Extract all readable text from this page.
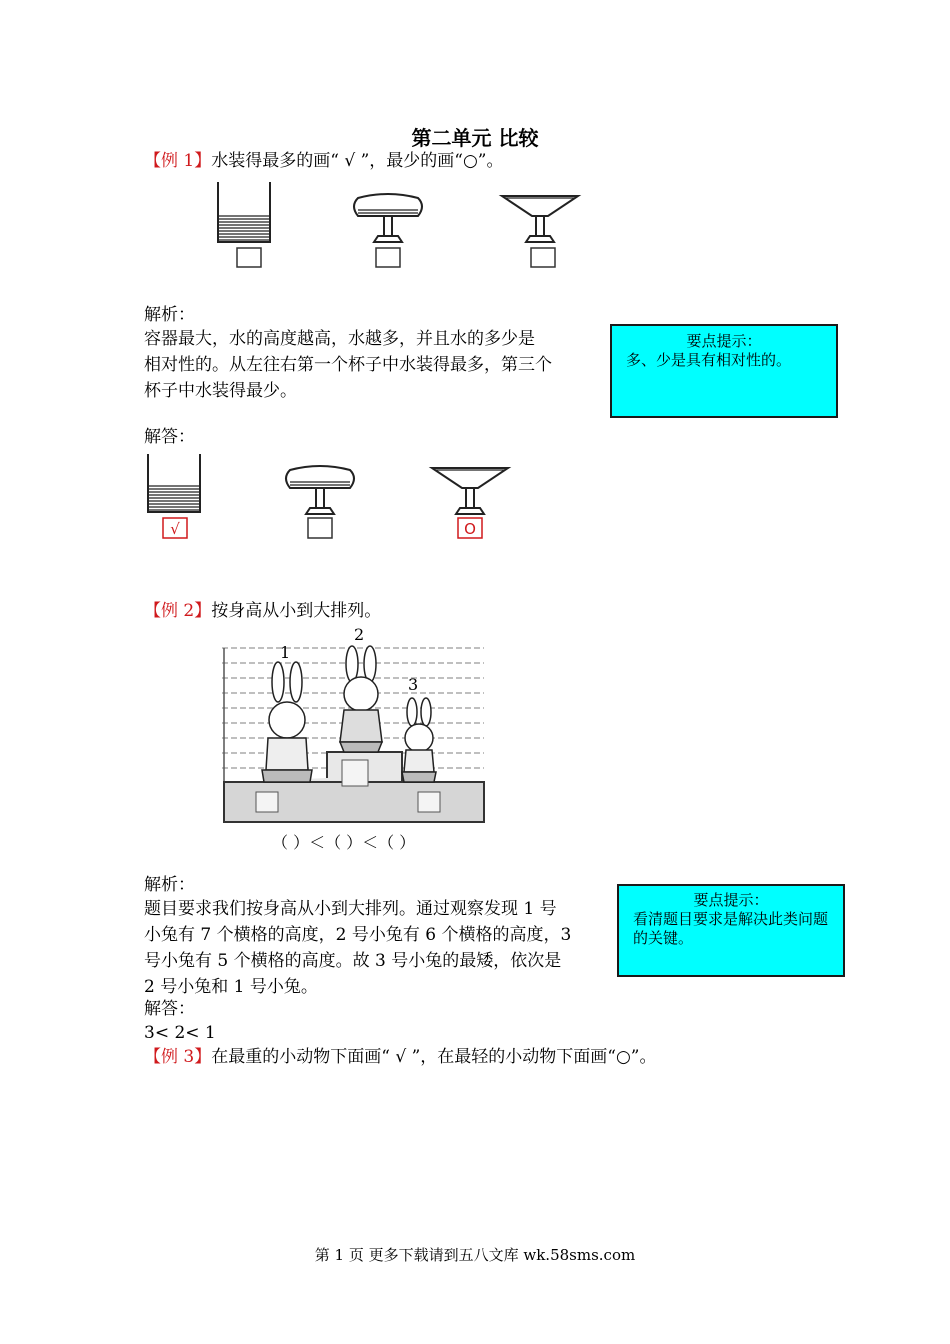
第二单元 比较
【例 1】水装得最多的画“ √ ”，最少的画“○”。
解析：
容器最大，水的高度越高，水越多，并且水的多少是
相对性的。从左往右第一个杯子中水装得最多，第三个
杯子中水装得最少。
要点提示：
多、少是具有相对性的。
解答：
√	O
【例 2】按身高从小到大排列。
1
2
3
（ ）＜（ ）＜（ ）
解析：
题目要求我们按身高从小到大排列。通过观察发现 1 号
小兔有 7 个横格的高度，2 号小兔有 6 个横格的高度，3
号小兔有 5 个横格的高度。故 3 号小兔的最矮，依次是
2 号小兔和 1 号小兔。
要点提示：
看清题目要求是解决此类问题的关键。
解答：
3< 2< 1
【例 3】在最重的小动物下面画“ √ ”，在最轻的小动物下面画“○”。
第 1 页 更多下载请到五八文库 wk.58sms.com
